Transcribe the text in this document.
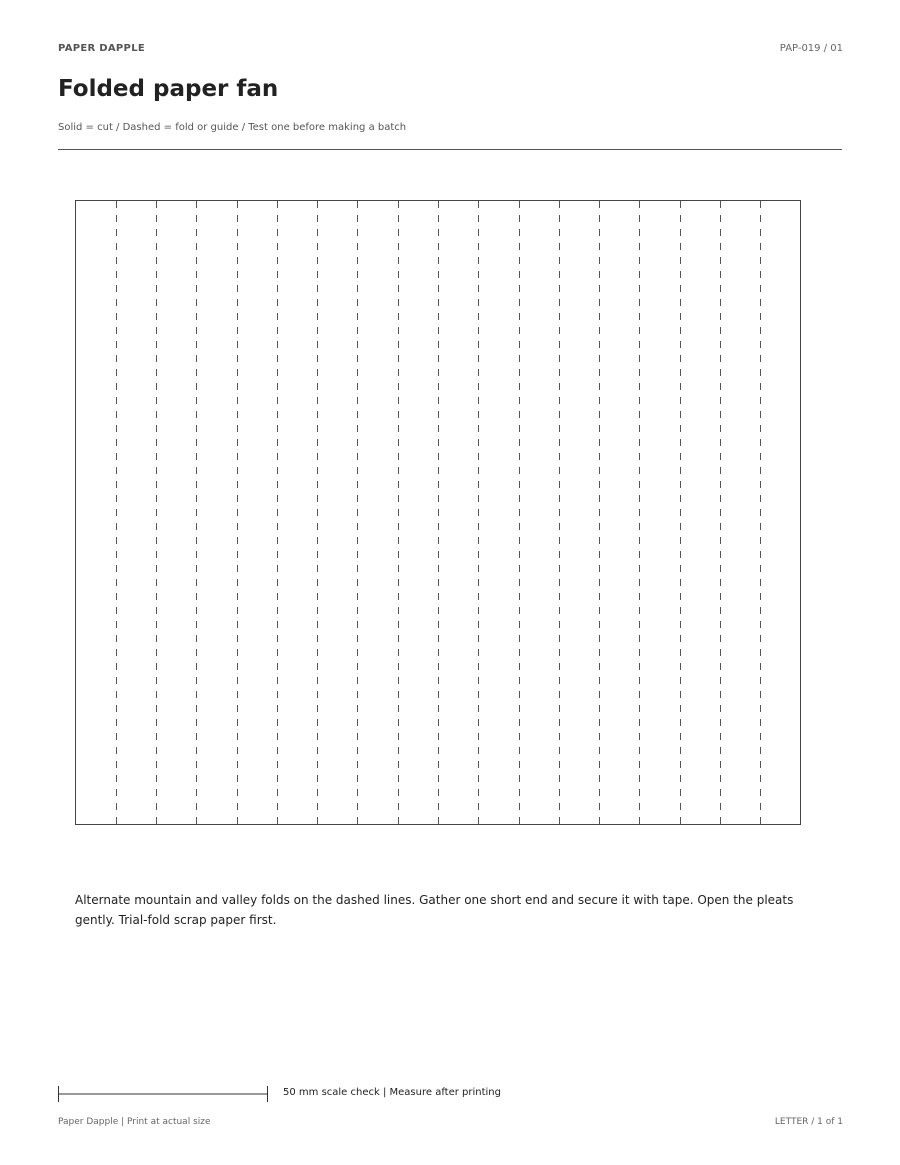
PAPER DAPPLE	PAP-019 / 01
Folded paper fan
Solid = cut / Dashed = fold or guide / Test one before making a batch

Alternate mountain and valley folds on the dashed lines. Gather one short end and secure it with tape. Open the pleats gently. Trial-fold scrap paper first.

50 mm scale check | Measure after printing
Paper Dapple | Print at actual size	LETTER / 1 of 1
